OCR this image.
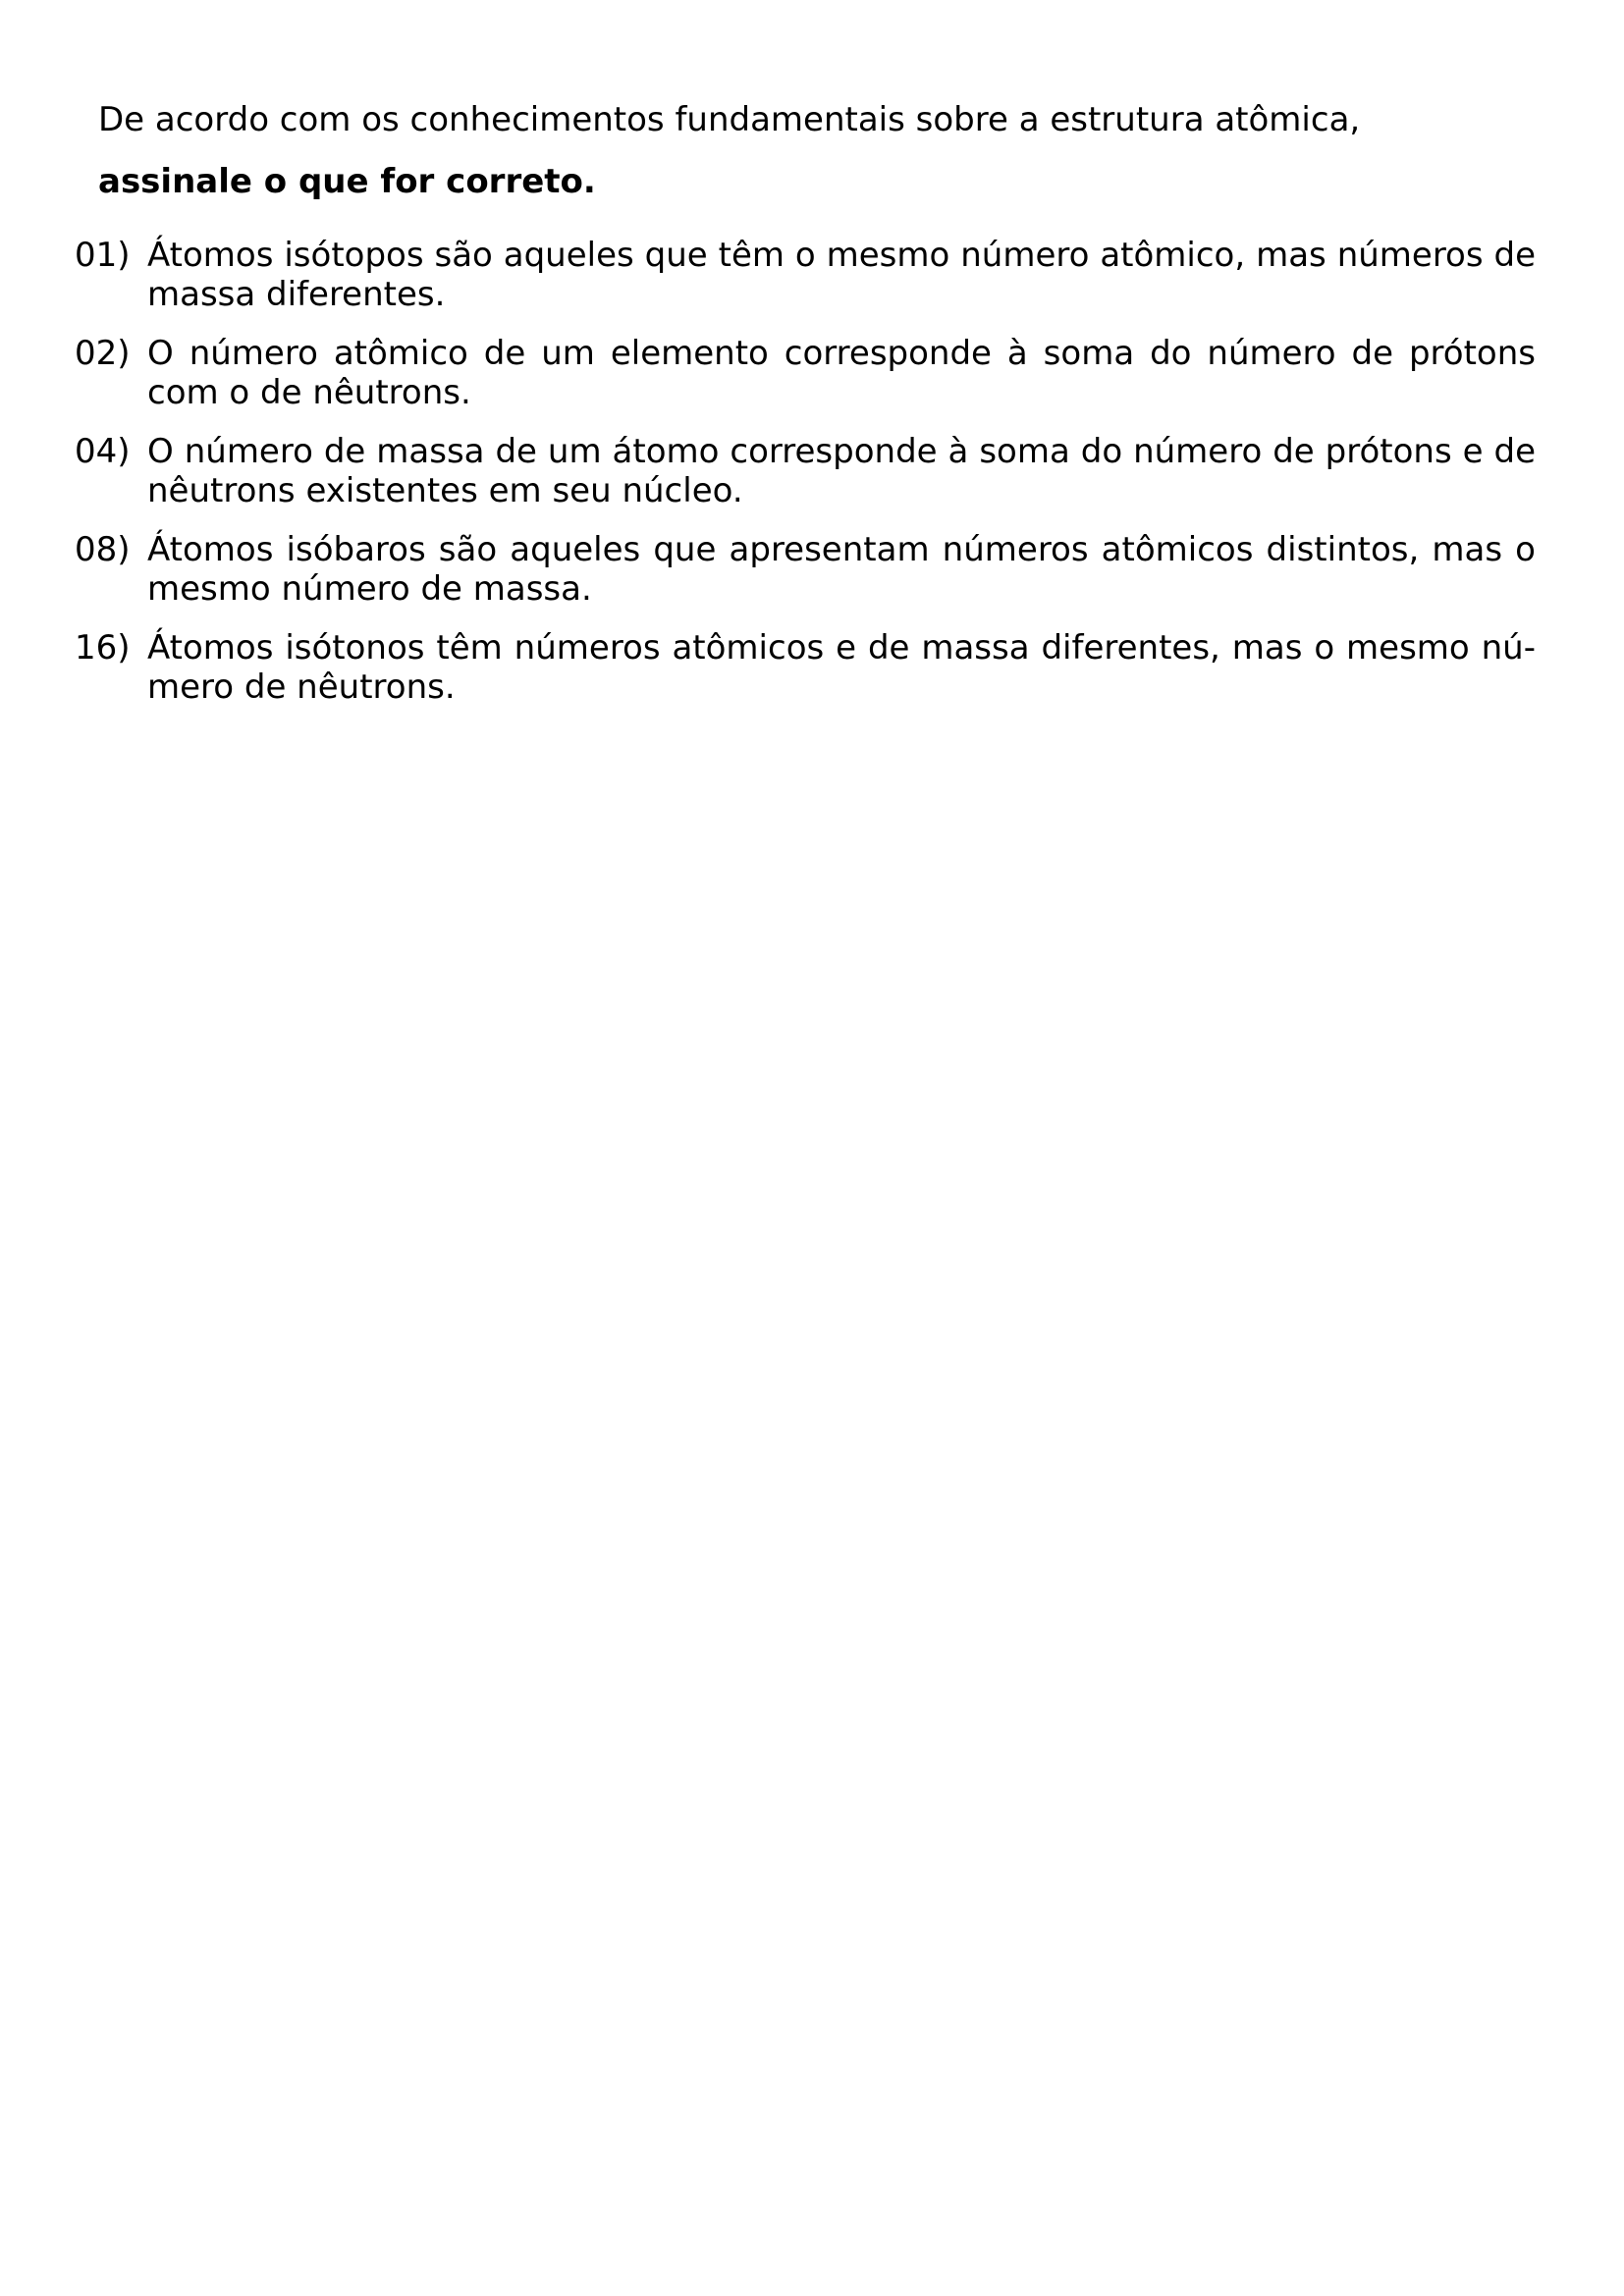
De acordo com os conhecimentos fundamentais sobre a estrutura atômica,

assinale o que for correto.

01) Átomos isótopos são aqueles que têm o mesmo número atômico, mas números de massa diferentes.
02) O número atômico de um elemento corresponde à soma do número de prótons com o de nêutrons.
04) O número de massa de um átomo corresponde à soma do número de prótons e de nêutrons existentes em seu núcleo.
08) Átomos isóbaros são aqueles que apresentam números atômicos distintos, mas o mesmo número de massa.
16) Átomos isótonos têm números atômicos e de massa diferentes, mas o mesmo nú-mero de nêutrons.
